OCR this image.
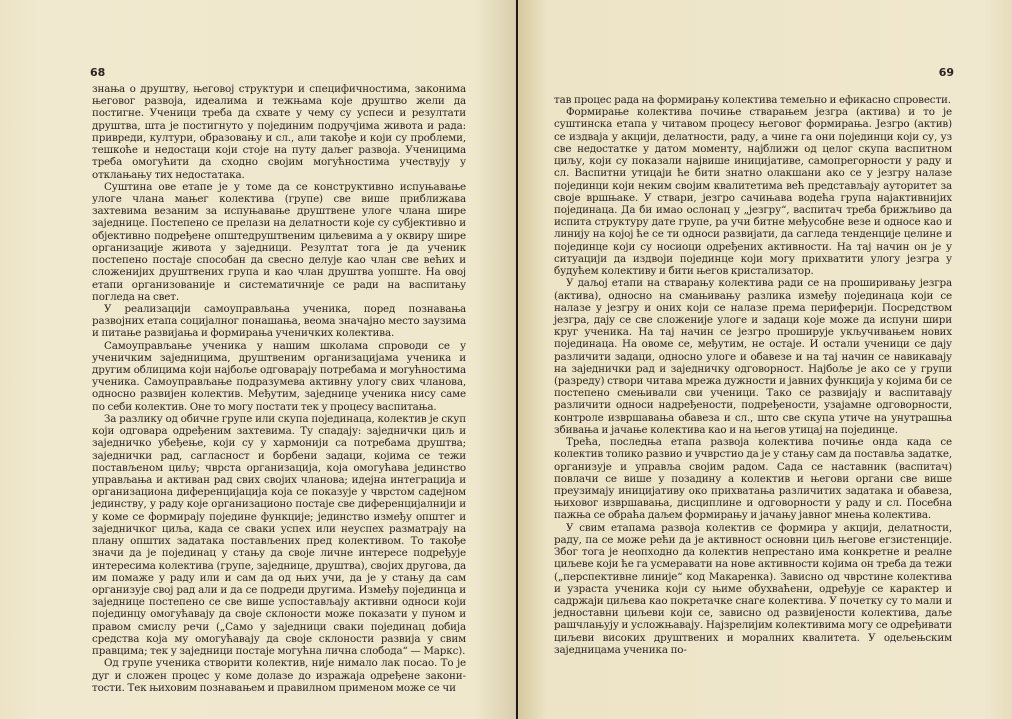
68

знања о друштву, његовој структури и специфичностима, законима његовог развоја, идеалима и тежњама које друштво жели да постигне. Ученици треба да схвате у чему су успеси и резултати друштва, шта је постигнуто у појединим подручјима живота и рада: привреди, култури, образовању и сл., али такође и који су проблеми, тешкоће и недостаци који стоје на путу даљег развоја. Ученицима треба омогућити да сходно својим могућностима учествују у отклањању тих недостатака.

Суштина ове етапе је у томе да се конструктивно испуњавање улоге члана мањег колектива (групе) све више приближава захтевима везаним за испуњавање друштвене улоге члана шире заједнице. Постепено се прелази на делатности које су субјективно и објективно подређене општедруштвеним циљевима а у оквиру шире организације живота у заједници. Резултат тога је да ученик постепено постаје способан да свесно делује као члан све већих и сложенијих друштвених група и као члан друштва уопште. На овој етапи организованије и систематичније се ради на васпитању погледа на свет.

У реализацији самоуправљања ученика, поред познавања развојних етапа социјалног понашања, веома значајно место заузима и питање развијања и формирања ученичких колектива.

Самоуправљање ученика у нашим школама спроводи се у ученичким заједницима, друштвеним организацијама ученика и другим облицима који најбоље одговарају потребама и могућностима ученика. Самоуправљање подразумева активну улогу свих чланова, односно развијен колектив. Међутим, заједнице ученика нису саме по себи колектив. Оне то могу постати тек у процесу васпитања.

За разлику од обичне групе или скупа појединаца, колектив је скуп који одговара одређеним захтевима. Ту спадају: заједнички циљ и заједничко убеђење, који су у хармонији са потребама друштва; заједнички рад, сагласност и борбени задаци, којима се тежи постављеном циљу; чврста организација, која омогућава јединство управљања и активан рад свих својих чланова; идејна интеграција и организациона диференцијација која се показује у чврстом садејном јединству, у раду које организационо постаје све диференцијалнији и у коме се формирају поједине функције; јединство између општег и заједничког циља, када се сваки успех или неуспех разматрају на плану општих задатака постављених пред колективом. То такође значи да је појединац у стању да своје личне интересе подређује интересима колектива (групе, заједнице, друштва), својих другова, да им помаже у раду или и сам да од њих учи, да је у стању да сам организује свој рад али и да се подреди другима. Између појединца и заједнице постепено се све више успостављају активни односи који појединцу омогућавају да своје склоности може показати у пуном и правом смислу речи („Само у заједници сваки појединац добија средства која му омогућавају да своје склоности развија у свим правцима; тек у заједници постаје могућна лична слобода“ — Маркс).

Од групе ученика створити колектив, није нимало лак посао. То је дуг и сложен процес у коме долазе до изражаја одређене законитости. Тек њиховим познавањем и правилном применом може се чи

69

тав процес рада на формирању колектива темељно и ефикасно спровести.

Формирање колектива почиње стварањем језгра (актива) и то је суштинска етапа у читавом процесу његовог формирања. Језгро (актив) се издваја у акцији, делатности, раду, а чине га они појединци који су, уз све недостатке у датом моменту, најближи од целог скупа васпитном циљу, који су показали највише иницијативе, самопрегорности у раду и сл. Васпитни утицаји ће бити знатно олакшани ако се у језгру налазе појединци који неким својим квалитетима већ представљају ауторитет за своје вршњаке. У ствари, језгро сачињава водећа група најактивнијих појединаца. Да би имао ослонац у „језгру“, васпитач треба брижљиво да испита структуру дате групе, ра учи битне међусобне везе и односе као и линију на којој ће се ти односи развијати, да сагледа тенденције целине и појединце који су носиоци одређених активности. На тај начин он је у ситуацији да издвоји појединце који могу прихватити улогу језгра у будућем колективу и бити његов кристализатор.

У даљој етапи на стварању колектива ради се на проширивању језгра (актива), односно на смањивању разлика између појединаца који се налазе у језгру и оних који се налазе према периферији. Посредством језгра, дају се све сложеније улоге и задаци које може да испуни шири круг ученика. На тај начин се језгро проширује укључивањем нових појединаца. На овоме се, међутим, не остаје. И остали ученици се дају различити задаци, односно улоге и обавезе и на тај начин се навикавају на заједнички рад и заједничку одговорност. Најбоље је ако се у групи (разреду) створи читава мрежа дужности и јавних функција у којима би се постепено смењивали сви ученици. Тако се развијају и васпитавају различити односи надређености, подређености, узајамне одговорности, контроле извршавања обавеза и сл., што све скупа утиче на унутрашња збивања и јачање колектива као и на његов утицај на појединце.

Трећа, последња етапа развоја колектива почиње онда када се колектив толико развио и учврстио да је у стању сам да поставља задатке, организује и управља својим радом. Сада се наставник (васпитач) повлачи се више у позадину а колектив и његови органи све више преузимају иницијативу око прихватања различитих задатака и обавеза, њиховог извршавања, дисциплине и одговорности у раду и сл. Посебна пажња се обраћа даљем формирању и јачању јавног мнења колектива.

У свим етапама развоја колектив се формира у акцији, делатности, раду, па се може рећи да је активност основни циљ његове егзистенције. Због тога је неопходно да колектив непрестано има конкретне и реалне циљеве који ће га усмеравати на нове активности којима он треба да тежи („перспективне линије“ код Макаренка). Зависно од чврстине колектива и узраста ученика који су њиме обухваћени, одређује се карактер и садржаји циљева као покретачке снаге колектива. У почетку су то мали и једноставни циљеви који се, зависно од развијености колектива, даље рашчлањују и усложњавају. Најзрелијим колективима могу се одређивати циљеви високих друштвених и моралних квалитета. У одељењским заједницама ученика по-
